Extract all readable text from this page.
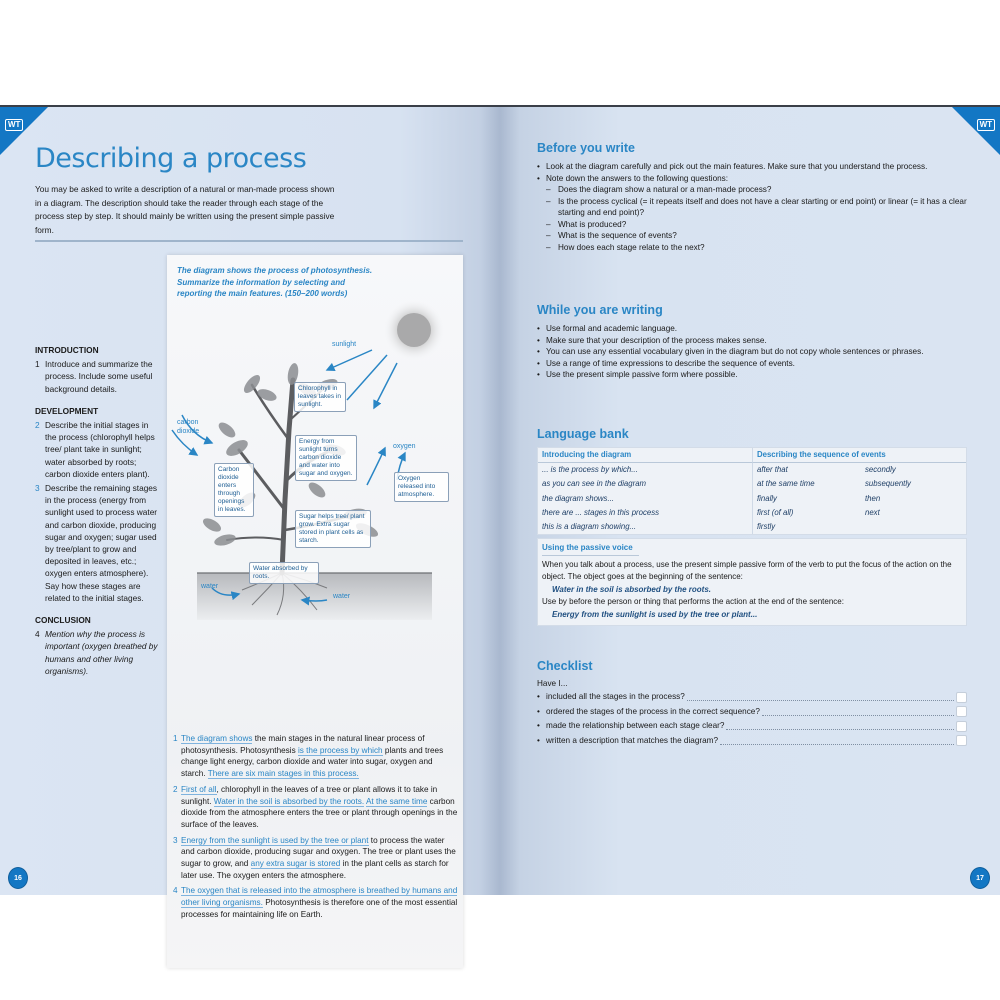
WT	WT
Describing a process

You may be asked to write a description of a natural or man-made process shown in a diagram. The description should take the reader through each stage of the process step by step. It should mainly be written using the present simple passive form.

INTRODUCTION
1 Introduce and summarize the process. Include some useful background details.
DEVELOPMENT
2 Describe the initial stages in the process (chlorophyll helps tree/ plant take in sunlight; water absorbed by roots; carbon dioxide enters plant).
3 Describe the remaining stages in the process (energy from sunlight used to process water and carbon dioxide, producing sugar and oxygen; sugar used by tree/plant to grow and deposited in leaves, etc.; oxygen enters atmosphere). Say how these stages are related to the initial stages.
CONCLUSION
4 Mention why the process is important (oxygen breathed by humans and other living organisms).

The diagram shows the process of photosynthesis. Summarize the information by selecting and reporting the main features. (150–200 words)

sunlight
carbon dioxide
oxygen
water
water
Chlorophyll in leaves takes in sunlight.
Energy from sunlight turns carbon dioxide and water into sugar and oxygen.
Carbon dioxide enters through openings in leaves.
Oxygen released into atmosphere.
Sugar helps tree/ plant grow. Extra sugar stored in plant cells as starch.
Water absorbed by roots.

1 The diagram shows the main stages in the natural linear process of photosynthesis. Photosynthesis is the process by which plants and trees change light energy, carbon dioxide and water into sugar, oxygen and starch. There are six main stages in this process.

2 First of all, chlorophyll in the leaves of a tree or plant allows it to take in sunlight. Water in the soil is absorbed by the roots. At the same time carbon dioxide from the atmosphere enters the tree or plant through openings in the surface of the leaves.

3 Energy from the sunlight is used by the tree or plant to process the water and carbon dioxide, producing sugar and oxygen. The tree or plant uses the sugar to grow, and any extra sugar is stored in the plant cells as starch for later use. The oxygen enters the atmosphere.

4 The oxygen that is released into the atmosphere is breathed by humans and other living organisms. Photosynthesis is therefore one of the most essential processes for maintaining life on Earth.

16
Before you write
• Look at the diagram carefully and pick out the main features. Make sure that you understand the process.
• Note down the answers to the following questions:
– Does the diagram show a natural or a man-made process?
– Is the process cyclical (= it repeats itself and does not have a clear starting or end point) or linear (= it has a clear starting and end point)?
– What is produced?
– What is the sequence of events?
– How does each stage relate to the next?
While you are writing
• Use formal and academic language.
• Make sure that your description of the process makes sense.
• You can use any essential vocabulary given in the diagram but do not copy whole sentences or phrases.
• Use a range of time expressions to describe the sequence of events.
• Use the present simple passive form where possible.
Language bank
Introducing the diagram	Describing the sequence of events
... is the process by which...	after that	secondly
as you can see in the diagram	at the same time	subsequently
the diagram shows...	finally	then
there are ... stages in this process	first (of all)	next
this is a diagram showing...	firstly
Using the passive voice
When you talk about a process, use the present simple passive form of the verb to put the focus of the action on the object. The object goes at the beginning of the sentence:
Water in the soil is absorbed by the roots.
Use by before the person or thing that performs the action at the end of the sentence:
Energy from the sunlight is used by the tree or plant...
Checklist
Have I...
• included all the stages in the process?
• ordered the stages of the process in the correct sequence?
• made the relationship between each stage clear?
• written a description that matches the diagram?
17
